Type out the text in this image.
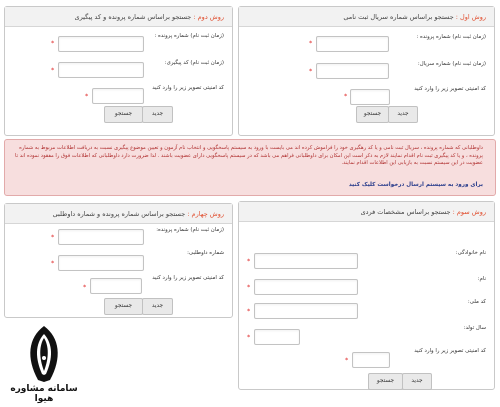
روش اول : جستجو براساس شماره سریال ثبت نامی
(زمان ثبت نام) شماره پرونده :
*
(زمان ثبت نام) شماره سریال:
*
کد امنیتی تصویر زیر را وارد کنید
*
جدید
جستجو
روش دوم : جستجو براساس شماره پرونده و کد پیگیری
(زمان ثبت نام) شماره پرونده :
*
(زمان ثبت نام) کد پیگیری:
*
کد امنیتی تصویر زیر را وارد کنید
*
جدید
جستجو
داوطلبانی که شماره پرونده ، سریال ثبت نامی و یا کد رهگیری خود را فراموش کرده اند می بایست با ورود به سیستم پاسخگویی و انتخاب نام آزمون و تعیین موضوع پیگیری نسبت به دریافت اطلاعات مربوط به شماره پرونده ، و یا کد پیگیری ثبت نام اقدام نمایند لازم به ذکر است این امکان برای داوطلبانی فراهم می باشد که در سیستم پاسخگویی دارای عضویت باشند . لذا ضرورت دارد داوطلبانی که اطلاعات فوق را مفقود نموده اند تا عضویت در این سیستم نسبت به بازیابی این اطلاعات اقدام نمایند.
برای ورود به سیستم ارسال درخواست کلیک کنید
روش سوم : جستجو براساس مشخصات فردی
نام خانوادگی:
*
نام:
*
کد ملی:
*
سال تولد:
*
کد امنیتی تصویر زیر را وارد کنید
*
جدید
جستجو
روش چهارم : جستجو براساس شماره پرونده و شماره داوطلبی
(زمان ثبت نام) شماره پرونده:
*
شماره داوطلبی:
*
کد امنیتی تصویر زیر را وارد کنید
*
جدید
جستجو
سامانه مشاوره هیوا
